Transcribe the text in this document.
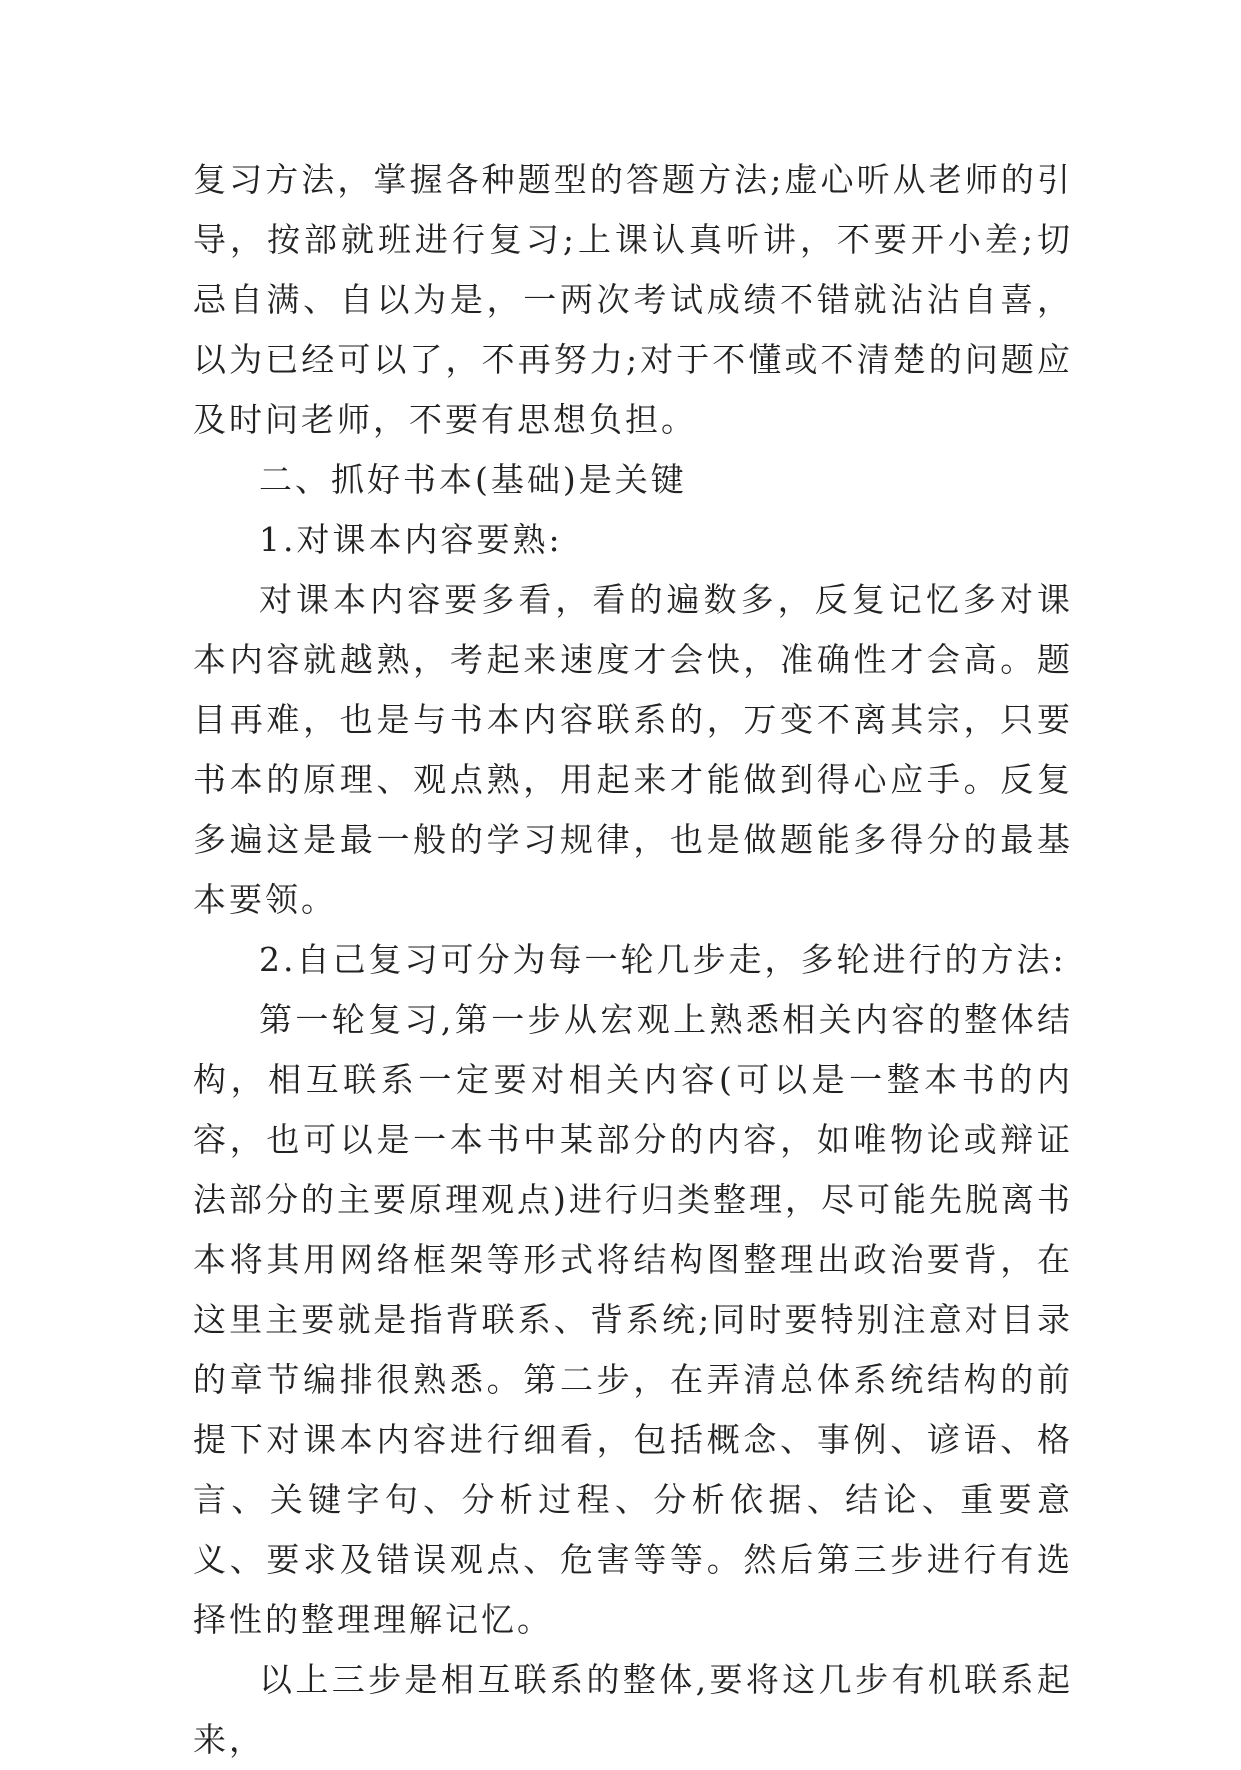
复习方法，掌握各种题型的答题方法;虚心听从老师的引导，按部就班进行复习;上课认真听讲，不要开小差;切忌自满、自以为是，一两次考试成绩不错就沾沾自喜，以为已经可以了，不再努力;对于不懂或不清楚的问题应及时问老师，不要有思想负担。

二、抓好书本(基础)是关键

1.对课本内容要熟:

对课本内容要多看，看的遍数多，反复记忆多对课本内容就越熟，考起来速度才会快，准确性才会高。题目再难，也是与书本内容联系的，万变不离其宗，只要书本的原理、观点熟，用起来才能做到得心应手。反复多遍这是最一般的学习规律，也是做题能多得分的最基本要领。

2.自己复习可分为每一轮几步走，多轮进行的方法:

第一轮复习,第一步从宏观上熟悉相关内容的整体结构，相互联系一定要对相关内容(可以是一整本书的内容，也可以是一本书中某部分的内容，如唯物论或辩证法部分的主要原理观点)进行归类整理，尽可能先脱离书本将其用网络框架等形式将结构图整理出政治要背，在这里主要就是指背联系、背系统;同时要特别注意对目录的章节编排很熟悉。第二步，在弄清总体系统结构的前提下对课本内容进行细看，包括概念、事例、谚语、格言、关键字句、分析过程、分析依据、结论、重要意义、要求及错误观点、危害等等。然后第三步进行有选择性的整理理解记忆。

以上三步是相互联系的整体,要将这几步有机联系起来，
